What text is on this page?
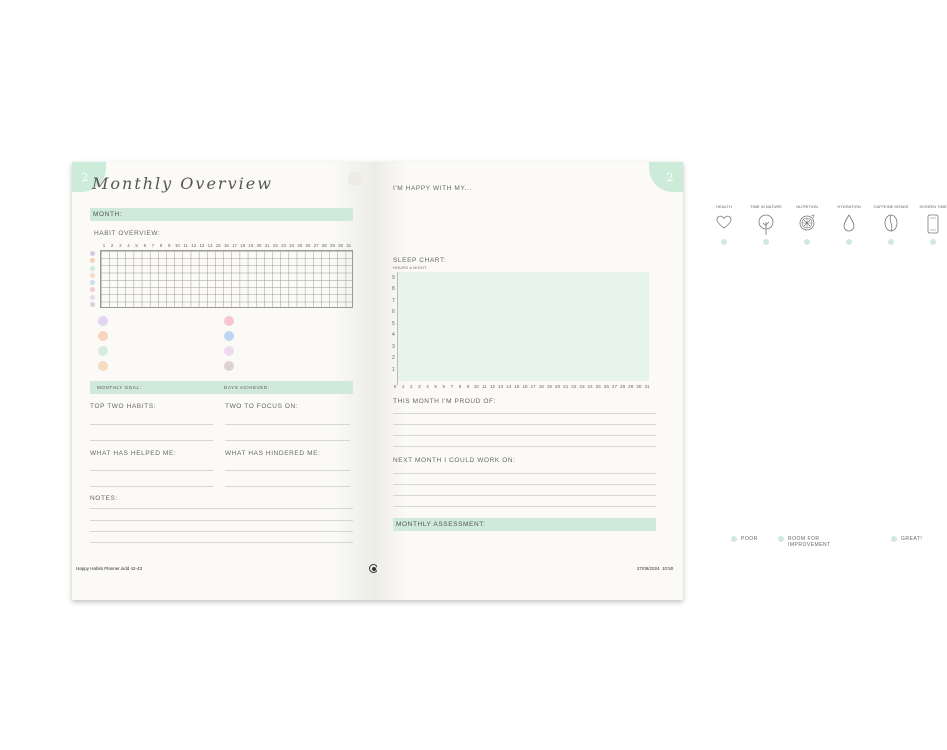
2 Monthly Overview
MONTH:
HABIT OVERVIEW:
1 2 3 4 5 6 7 8 9 10 11 12 13 14 15 16 17 18 19 20 21 22 23 24 25 26 27 28 29 30 31
MONTHLY GOAL:	DAYS ACHIEVED:
TOP TWO HABITS:	TWO TO FOCUS ON:
WHAT HAS HELPED ME:	WHAT HAS HINDERED ME:
NOTES:
Happy Habits Planner.indd 42-43
2
I'M HAPPY WITH MY...
HEALTH	TIME IN NATURE	NUTRITION	HYDRATION	CAFFEINE INTAKE	SCREEN TIME
SLEEP CHART:
HOURS A NIGHT
THIS MONTH I'M PROUD OF:
NEXT MONTH I COULD WORK ON:
MONTHLY ASSESSMENT:
POOR	ROOM FOR IMPROVEMENT
GREAT!
27/09/2024 10:50
1
2
3
4
5
6
7
8
9
0 1 2 3 4 5 6 7 8 9 10 11 12 13 14 15 16 17 18 19 20 21 22 23 24 25 26 27 28 29 30 31
